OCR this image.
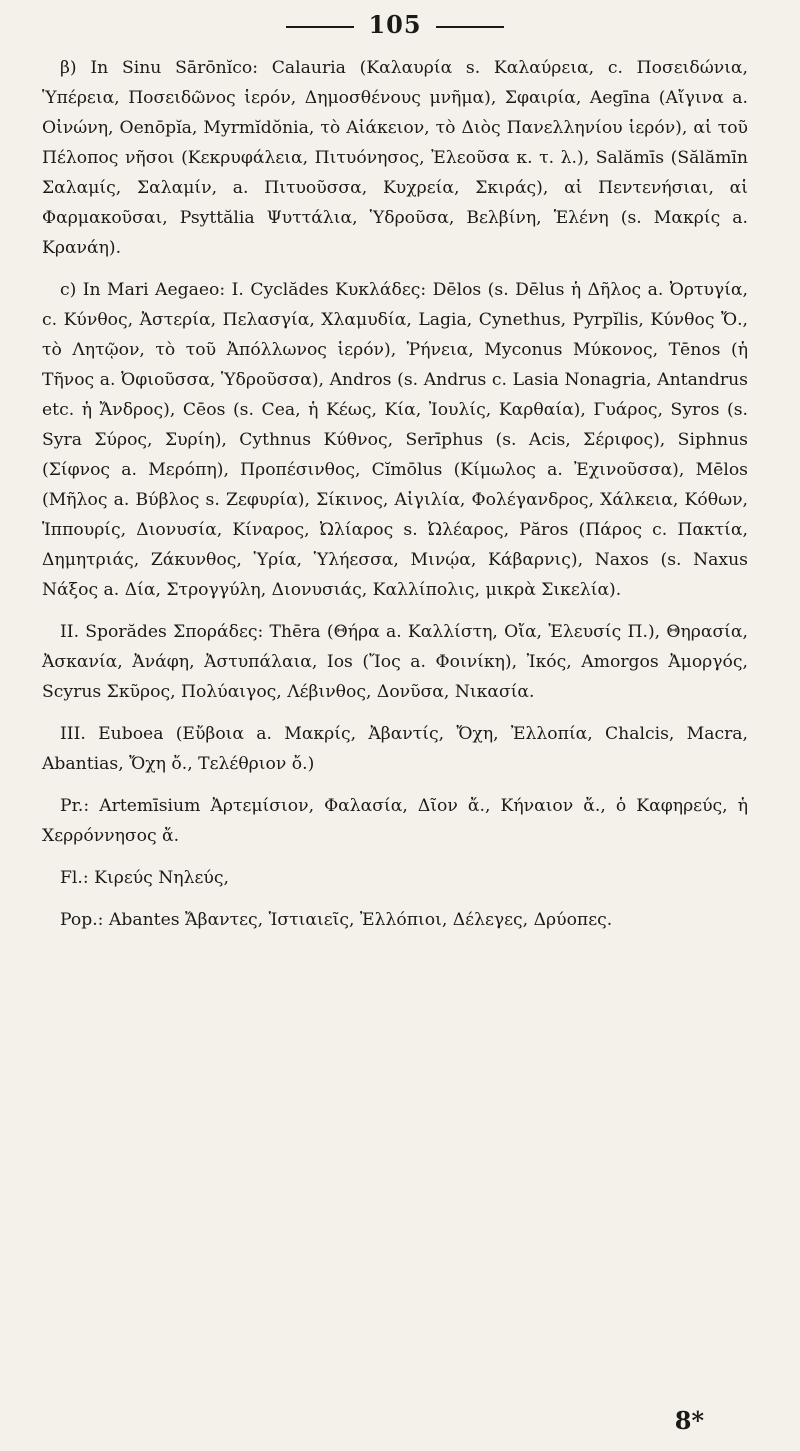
105

β) In Sinu Sārōnĭco: Calauria (Καλαυρία s. Καλαύρεια, c. Ποσειδώνια, Ὑπέρεια, Ποσειδῶνος ἱερόν, Δημοσθένους μνῆμα), Σφαιρία, Aegīna (Αἴγινα a. Οἰνώνη, Oenōpĭa, Myrmĭdŏnia, τὸ Αἰάκειον, τὸ Διὸς Πανελληνίου ἱερόν), αἱ τοῦ Πέλοπος νῆσοι (Κεκρυφάλεια, Πιτυόνησος, Ἐλεοῦσα κ. τ. λ.), Salămīs (Sălămīn Σαλαμίς, Σαλαμίν, a. Πιτυοῦσσα, Κυχρεία, Σκιράς), αἱ Πεντενήσιαι, αἱ Φαρμακοῦσαι, Psyttălia Ψυττάλια, Ὑδροῦσα, Βελβίνη, Ἑλένη (s. Μακρίς a. Κρανάη).

c) In Mari Aegaeo: I. Cyclădes Κυκλάδες: Dēlos (s. Dēlus ἡ Δῆλος a. Ὀρτυγία, c. Κύνθος, Ἀστερία, Πελασγία, Χλαμυδία, Lagia, Cynethus, Pyrpĭlis, Κύνθος Ὄ., τὸ Λητῷον, τὸ τοῦ Ἀπόλλωνος ἱερόν), Ῥήνεια, Myconus Μύκονος, Tēnos (ἡ Τῆνος a. Ὀφιοῦσσα, Ὑδροῦσσα), Andros (s. Andrus c. Lasia Nonagria, Antandrus etc. ἡ Ἄνδρος), Cēos (s. Cea, ἡ Κέως, Κία, Ἰουλίς, Καρθαία), Γυάρος, Syros (s. Syra Σύρος, Συρίη), Cythnus Κύθνος, Serīphus (s. Acis, Σέριφος), Siphnus (Σίφνος a. Μερόπη), Προπέσινθος, Cĭmōlus (Κίμωλος a. Ἐχινοῦσσα), Mēlos (Μῆλος a. Βύβλος s. Ζεφυρία), Σίκινος, Αἰγιλία, Φολέγανδρος, Χάλκεια, Κόθων, Ἱππουρίς, Διονυσία, Κίναρος, Ὠλίαρος s. Ὠλέαρος, Păros (Πάρος c. Πακτία, Δημητριάς, Ζάκυνθος, Ὑρία, Ὑλήεσσα, Μινῴα, Κάβαρνις), Naxos (s. Naxus Νάξος a. Δία, Στρογγύλη, Διονυσιάς, Καλλίπολις, μικρὰ Σικελία).

II. Sporădes Σποράδες: Thēra (Θήρα a. Καλλίστη, Οἴα, Ἐλευσίς Π.), Θηρασία, Ἀσκανία, Ἀνάφη, Ἀστυπάλαια, Ios (Ἴος a. Φοινίκη), Ἰκός, Amorgos Ἀμοργός, Scyrus Σκῦρος, Πολύαιγος, Λέβινθος, Δονῦσα, Νικασία.

III. Euboea (Εὔβοια a. Μακρίς, Ἀβαντίς, Ὄχη, Ἐλλοπία, Chalcis, Macra, Abantias, Ὄχη ὄ., Τελέθριον ὄ.)

Pr.: Artemīsium Ἀρτεμίσιον, Φαλασία, Δῖον ἄ., Κήναιον ἄ., ὁ Καφηρεύς, ἡ Χερρόννησος ἄ.

Fl.: Κιρεύς Νηλεύς,

Pop.: Abantes Ἄβαντες, Ἱστιαιεῖς, Ἐλλόπιοι, Δέλεγες, Δρύοπες.

8*
